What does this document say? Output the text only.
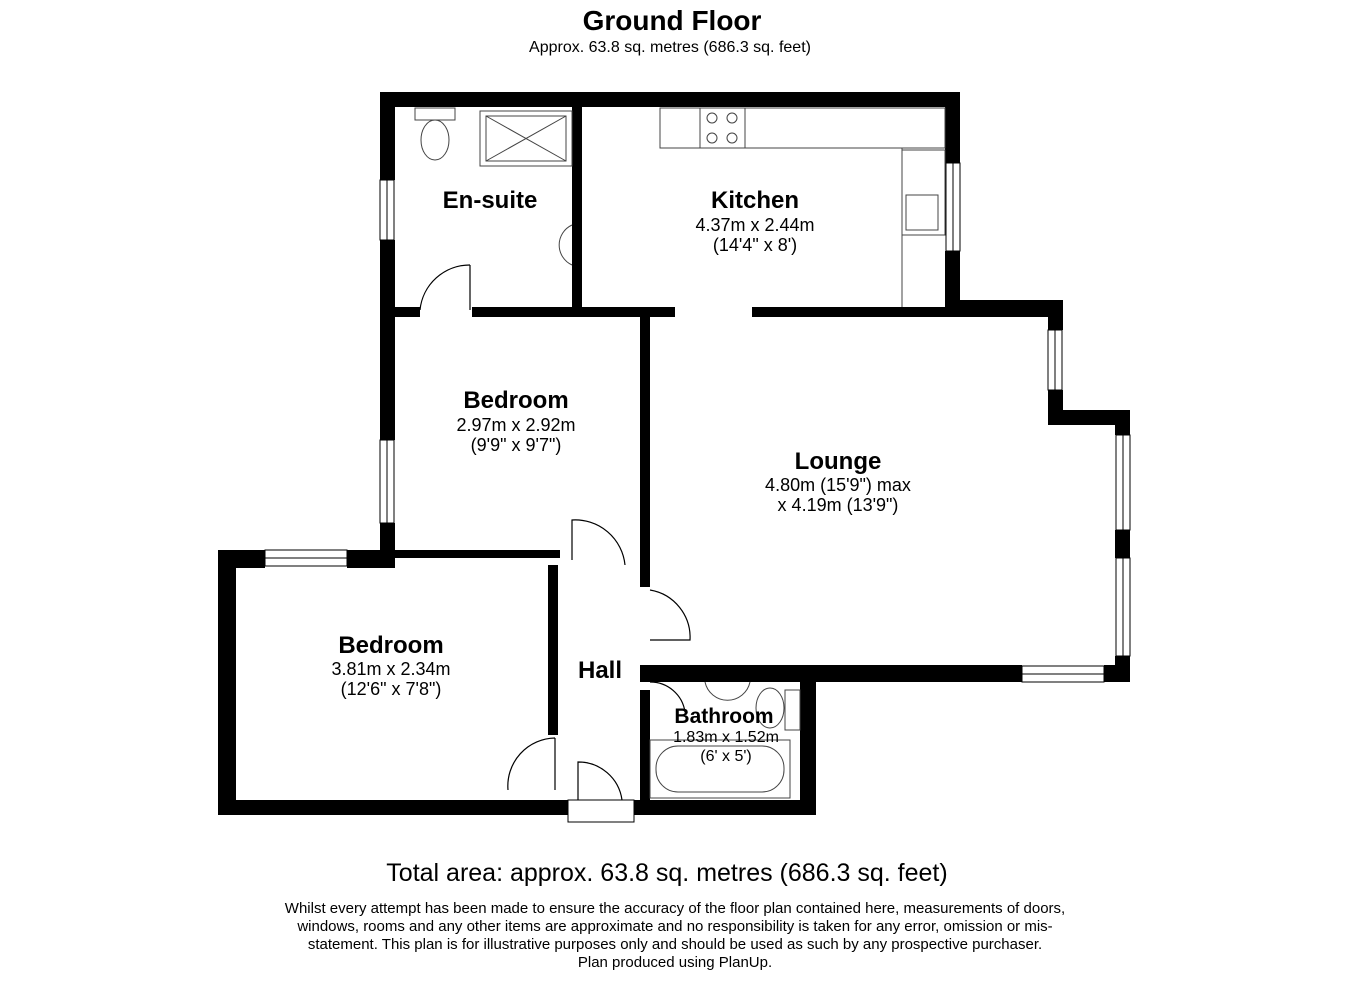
Ground Floor
Approx. 63.8 sq. metres (686.3 sq. feet)
En-suite	Kitchen
4.37m x 2.44m
(14'4" x 8')
Bedroom
2.97m x 2.92m
(9'9" x 9'7")
Lounge
4.80m (15'9") max
x 4.19m (13'9")
Bedroom
3.81m x 2.34m
(12'6" x 7'8")
Hall
Bathroom
1.83m x 1.52m
(6' x 5')
Total area: approx. 63.8 sq. metres (686.3 sq. feet)
Whilst every attempt has been made to ensure the accuracy of the floor plan contained here, measurements of doors,
windows, rooms and any other items are approximate and no responsibility is taken for any error, omission or mis-
statement. This plan is for illustrative purposes only and should be used as such by any prospective purchaser.
Plan produced using PlanUp.
